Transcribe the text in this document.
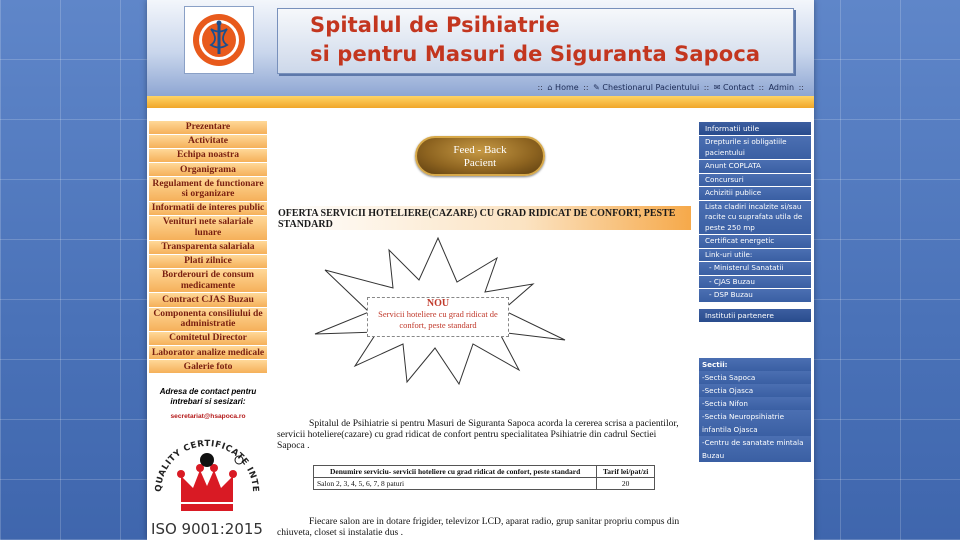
Spitalul de Psihiatrie
si pentru Masuri de Siguranta Sapoca
:: ⌂ Home :: ✎ Chestionarul Pacientului :: ✉ Contact :: Admin ::
Prezentare
Activitate
Echipa noastra
Organigrama
Regulament de functionare si organizare
Informatii de interes public
Venituri nete salariale lunare
Transparenta salariala
Plati zilnice
Borderouri de consum medicamente
Contract CJAS Buzau
Componenta consiliului de administratie
Comitetul Director
Laborator analize medicale
Galerie foto
Adresa de contact pentru intrebari si sesizari:
secretariat@hsapoca.ro
QUALITY CERTIFICATE INTE
ISO 9001:2015
Feed - Back
Pacient
OFERTA SERVICII HOTELIERE(CAZARE) CU GRAD RIDICAT DE CONFORT, PESTE STANDARD
NOU
Servicii hoteliere cu grad ridicat de confort, peste standard
Spitalul de Psihiatrie si pentru Masuri de Siguranta Sapoca acorda la cererea scrisa a pacientilor, servicii hoteliere(cazare) cu grad ridicat de confort pentru specialitatea Psihiatrie din cadrul Sectiei Sapoca .
Denumire serviciu- servicii hoteliere cu grad ridicat de confort, peste standard	Tarif lei/pat/zi
Salon 2, 3, 4, 5, 6, 7, 8 paturi	20
Fiecare salon are in dotare frigider, televizor LCD, aparat radio, grup sanitar propriu compus din chiuveta, closet si instalatie dus .
Informatii utile
Drepturile si obligatiile pacientului
Anunt COPLATA
Concursuri
Achizitii publice
Lista cladiri incalzite si/sau racite cu suprafata utila de peste 250 mp
Certificat energetic
Link-uri utile:
- Ministerul Sanatatii
- CJAS Buzau
- DSP Buzau
Institutii partenere
Sectii:
-Sectia Sapoca
-Sectia Ojasca
-Sectia Nifon
-Sectia Neuropsihiatrie infantila Ojasca
-Centru de sanatate mintala Buzau
